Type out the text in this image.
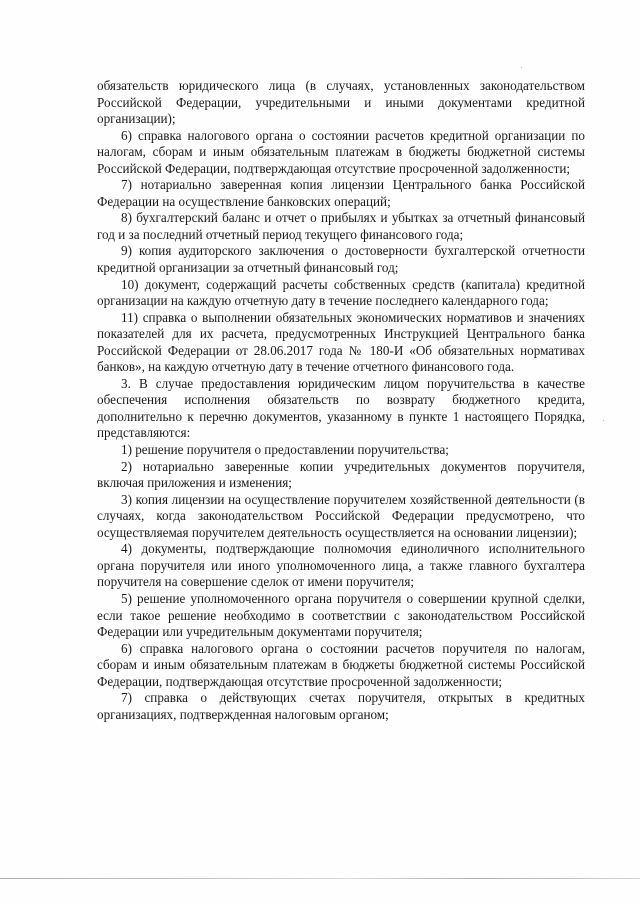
обязательств юридического лица (в случаях, установленных законодательством Российской Федерации, учредительными и иными документами кредитной организации);

6) справка налогового органа о состоянии расчетов кредитной организации по налогам, сборам и иным обязательным платежам в бюджеты бюджетной системы Российской Федерации, подтверждающая отсутствие просроченной задолженности;

7) нотариально заверенная копия лицензии Центрального банка Российской Федерации на осуществление банковских операций;

8) бухгалтерский баланс и отчет о прибылях и убытках за отчетный финансовый год и за последний отчетный период текущего финансового года;

9) копия аудиторского заключения о достоверности бухгалтерской отчетности кредитной организации за отчетный финансовый год;

10) документ, содержащий расчеты собственных средств (капитала) кредитной организации на каждую отчетную дату в течение последнего календарного года;

11) справка о выполнении обязательных экономических нормативов и значениях показателей для их расчета, предусмотренных Инструкцией Центрального банка Российской Федерации от 28.06.2017 года № 180-И «Об обязательных нормативах банков», на каждую отчетную дату в течение отчетного финансового года.

3. В случае предоставления юридическим лицом поручительства в качестве обеспечения исполнения обязательств по возврату бюджетного кредита, дополнительно к перечню документов, указанному в пункте 1 настоящего Порядка, представляются:

1) решение поручителя о предоставлении поручительства;

2) нотариально заверенные копии учредительных документов поручителя, включая приложения и изменения;

3) копия лицензии на осуществление поручителем хозяйственной деятельности (в случаях, когда законодательством Российской Федерации предусмотрено, что осуществляемая поручителем деятельность осуществляется на основании лицензии);

4) документы, подтверждающие полномочия единоличного исполнительного органа поручителя или иного уполномоченного лица, а также главного бухгалтера поручителя на совершение сделок от имени поручителя;

5) решение уполномоченного органа поручителя о совершении крупной сделки, если такое решение необходимо в соответствии с законодательством Российской Федерации или учредительным документами поручителя;

6) справка налогового органа о состоянии расчетов поручителя по налогам, сборам и иным обязательным платежам в бюджеты бюджетной системы Российской Федерации, подтверждающая отсутствие просроченной задолженности;

7) справка о действующих счетах поручителя, открытых в кредитных организациях, подтвержденная налоговым органом;
